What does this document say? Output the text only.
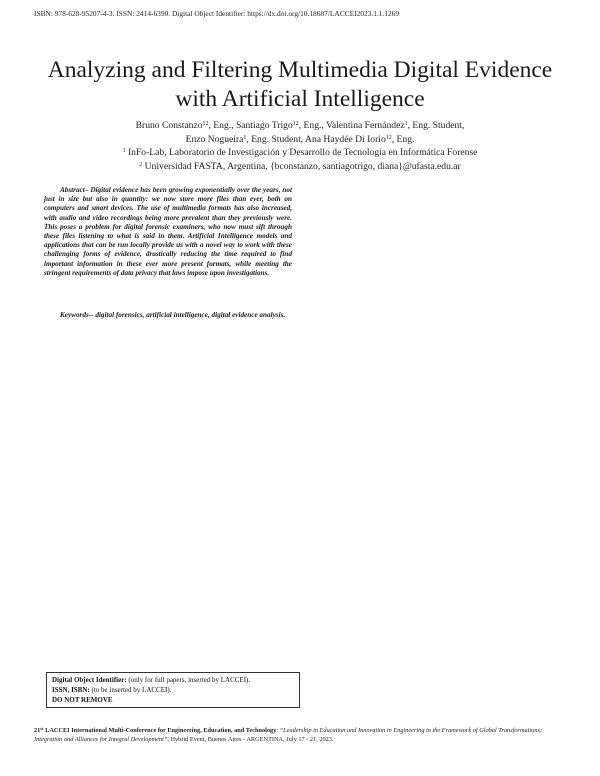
ISBN: 978-628-95207-4-3. ISSN: 2414-6390. Digital Object Identifier: https://dx.doi.org/10.18687/LACCEI2023.1.1.1269
Analyzing and Filtering Multimedia Digital Evidence
with Artificial Intelligence
Bruno Constanzo$^{12}$, Eng., Santiago Trigo$^{12}$, Eng., Valentina Fernández$^1$, Eng. Student,
Enzo Nogueira$^1$, Eng. Student, Ana Haydée Di Iorio$^{12}$, Eng.
$^1$ InFo-Lab, Laboratorio de Investigación y Desarrollo de Tecnología en Informática Forense
$^2$ Universidad FASTA, Argentina, {bconstanzo, santiagotrigo, diana}@ufasta.edu.ar
Abstract– Digital evidence has been growing exponentially over the years, not just in size but also in quantity: we now store more files than ever, both on computers and smart devices. The use of multimedia formats has also increased, with audio and video recordings being more prevalent than they previously were. This poses a problem for digital forensic examiners, who now must sift through these files listening to what is said in them. Artificial Intelligence models and applications that can be run locally provide us with a novel way to work with these challenging forms of evidence, drastically reducing the time required to find important information in these ever more present formats, while meeting the stringent requirements of data privacy that laws impose upon investigations.
Keywords-- digital forensics, artificial intelligence, digital evidence analysis.
Digital Object Identifier: (only for full papers, inserted by LACCEI).
ISSN, ISBN: (to be inserted by LACCEI).
DO NOT REMOVE
21st LACCEI International Multi-Conference for Engineering, Education, and Technology: “Leadership in Education and Innovation in Engineering in the Framework of Global Transformations: Integration and Alliances for Integral Development”, Hybrid Event, Buenos Aires - ARGENTINA, July 17 - 21, 2023.
